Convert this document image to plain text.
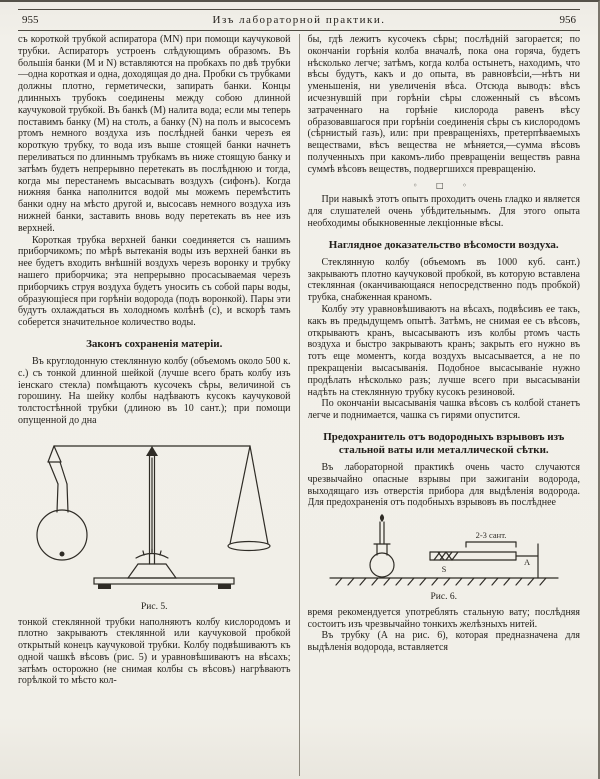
955	Изъ лабораторной практики.	956

съ короткой трубкой аспиратора (MN) при помощи каучуковой трубки. Аспираторъ устроенъ слѣдующимъ образомъ. Въ большія банки (M и N) вставляются на пробкахъ по двѣ трубки—одна короткая и одна, доходящая до дна. Пробки съ трубками должны плотно, герметически, запирать банки. Концы длинныхъ трубокъ соединены между собою длинной каучуковой трубкой. Въ банкѣ (M) налита вода; если мы теперь поставимъ банку (M) на столъ, а банку (N) на полъ и высосемъ ртомъ немного воздуха изъ послѣдней банки черезъ ея короткую трубку, то вода изъ выше стоящей банки начнетъ переливаться по длиннымъ трубкамъ въ ниже стоящую банку и затѣмъ будетъ непрерывно перетекать въ послѣднюю и тогда, когда мы перестанемъ высасывать воздухъ (сифонъ). Когда нижняя банка наполнится водой мы можемъ перемѣстить банки одну на мѣсто другой и, высосавъ немного воздуха изъ нижней банки, заставить вновь воду перетекать въ нее изъ верхней.

Короткая трубка верхней банки соединяется съ нашимъ приборчикомъ; по мѣрѣ вытеканія воды изъ верхней банки въ нее будетъ входить внѣшній воздухъ черезъ воронку и трубку нашего приборчика; эта непрерывно просасываемая черезъ приборчикъ струя воздуха будетъ уносить съ собой пары воды, образующіеся при горѣніи водорода (подъ воронкой). Пары эти будутъ охлаждаться въ холодномъ колѣнѣ (c), и вскорѣ тамъ соберется значительное количество воды.

Законъ сохраненія матеріи.

Въ круглодонную стеклянную колбу (объемомъ около 500 к. с.) съ тонкой длинной шейкой (лучше всего брать колбу изъ іенскаго стекла) помѣщаютъ кусочекъ сѣры, величиной съ горошину. На шейку колбы надѣваютъ кусокъ каучуковой толстостѣнной трубки (длиною въ 10 сант.); при помощи опущенной до дна

Рис. 5.

тонкой стеклянной трубки наполняютъ колбу кислородомъ и плотно закрываютъ стеклянной или каучуковой пробкой открытый конецъ каучуковой трубки. Колбу подвѣшиваютъ къ одной чашкѣ вѣсовъ (рис. 5) и уравновѣшиваютъ на вѣсахъ; затѣмъ осторожно (не снимая колбы съ вѣсовъ) нагрѣваютъ горѣлкой то мѣсто кол-

бы, гдѣ лежитъ кусочекъ сѣры; послѣдній загорается; по окончаніи горѣнія колба вначалѣ, пока она горяча, будетъ нѣсколько легче; затѣмъ, когда колба остынетъ, находимъ, что вѣсы будутъ, какъ и до опыта, въ равновѣсіи,—нѣтъ ни уменьшенія, ни увеличенія вѣса. Отсюда выводъ: вѣсъ исчезнувшій при горѣніи сѣры сложенный съ вѣсомъ затраченнаго на горѣніе кислорода равенъ вѣсу образовавшагося при горѣніи соединенія сѣры съ кислородомъ (сѣрнистый газъ), или: при превращеніяхъ, претерпѣваемыхъ веществами, вѣсъ вещества не мѣняется,—сумма вѣсовъ полученныхъ при какомъ-либо превращеніи веществъ равна суммѣ вѣсовъ веществъ, подвергшихся превращенію.

◦ □ ◦

При навыкѣ этотъ опытъ проходитъ очень гладко и является для слушателей очень убѣдительнымъ. Для этого опыта необходимы обыкновенные лекціонные вѣсы.

Наглядное доказательство вѣсомости воздуха.

Стеклянную колбу (объемомъ въ 1000 куб. сант.) закрываютъ плотно каучуковой пробкой, въ которую вставлена стеклянная (оканчивающаяся непосредственно подъ пробкой) трубка, снабженная краномъ.

Колбу эту уравновѣшиваютъ на вѣсахъ, подвѣсивъ ее такъ, какъ въ предыдущемъ опытѣ. Затѣмъ, не снимая ее съ вѣсовъ, открываютъ кранъ, высасываютъ изъ колбы ртомъ часть воздуха и быстро закрываютъ кранъ; закрыть его нужно въ тотъ еще моментъ, когда воздухъ высасывается, а не по прекращеніи высасыванія. Подобное высасываніе нужно продѣлать нѣсколько разъ; лучше всего при высасываніи надѣть на стеклянную трубку кусокъ резиновой.

По окончаніи высасыванія чашка вѣсовъ съ колбой станетъ легче и поднимается, чашка съ гирями опустится.

Предохранитель отъ водородныхъ взрывовъ изъ стальной ваты или металлической сѣтки.

Въ лабораторной практикѣ очень часто случаются чрезвычайно опасные взрывы при зажиганіи водорода, выходящаго изъ отверстія прибора для выдѣленія водорода. Для предохраненія отъ подобныхъ взрывовъ въ послѣднее

2-3 сант.
S
A
Рис. 6.

время рекомендуется употреблять стальную вату; послѣдняя состоитъ изъ чрезвычайно тонкихъ желѣзныхъ нитей.

Въ трубку (A на рис. 6), которая предназначена для выдѣленія водорода, вставляется
